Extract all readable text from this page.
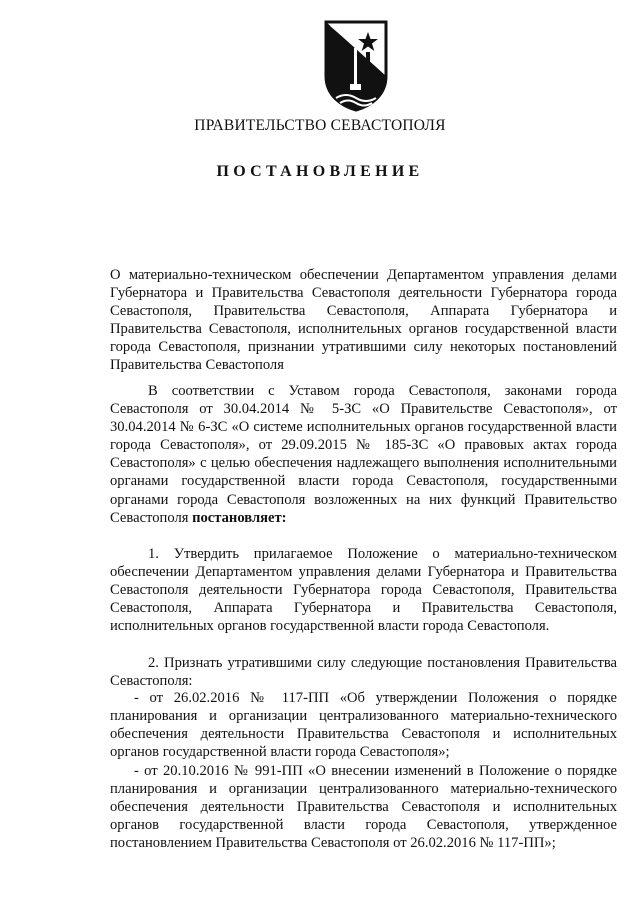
ПРАВИТЕЛЬСТВО СЕВАСТОПОЛЯ
ПОСТАНОВЛЕНИЕ
О материально-техническом обеспечении Департаментом управления делами Губернатора и Правительства Севастополя деятельности Губернатора города Севастополя, Правительства Севастополя, Аппарата Губернатора и Правительства Севастополя, исполнительных органов государственной власти города Севастополя, признании утратившими силу некоторых постановлений Правительства Севастополя
В соответствии с Уставом города Севастополя, законами города Севастополя от 30.04.2014 № 5-ЗС «О Правительстве Севастополя», от 30.04.2014 № 6-ЗС «О системе исполнительных органов государственной власти города Севастополя», от 29.09.2015 № 185-ЗС «О правовых актах города Севастополя» с целью обеспечения надлежащего выполнения исполнительными органами государственной власти города Севастополя, государственными органами города Севастополя возложенных на них функций Правительство Севастополя постановляет:
1. Утвердить прилагаемое Положение о материально-техническом обеспечении Департаментом управления делами Губернатора и Правительства Севастополя деятельности Губернатора города Севастополя, Правительства Севастополя, Аппарата Губернатора и Правительства Севастополя, исполнительных органов государственной власти города Севастополя.
2. Признать утратившими силу следующие постановления Правительства Севастополя:
- от 26.02.2016 № 117-ПП «Об утверждении Положения о порядке планирования и организации централизованного материально-технического обеспечения деятельности Правительства Севастополя и исполнительных органов государственной власти города Севастополя»;
- от 20.10.2016 № 991-ПП «О внесении изменений в Положение о порядке планирования и организации централизованного материально-технического обеспечения деятельности Правительства Севастополя и исполнительных органов государственной власти города Севастополя, утвержденное постановлением Правительства Севастополя от 26.02.2016 № 117-ПП»;
